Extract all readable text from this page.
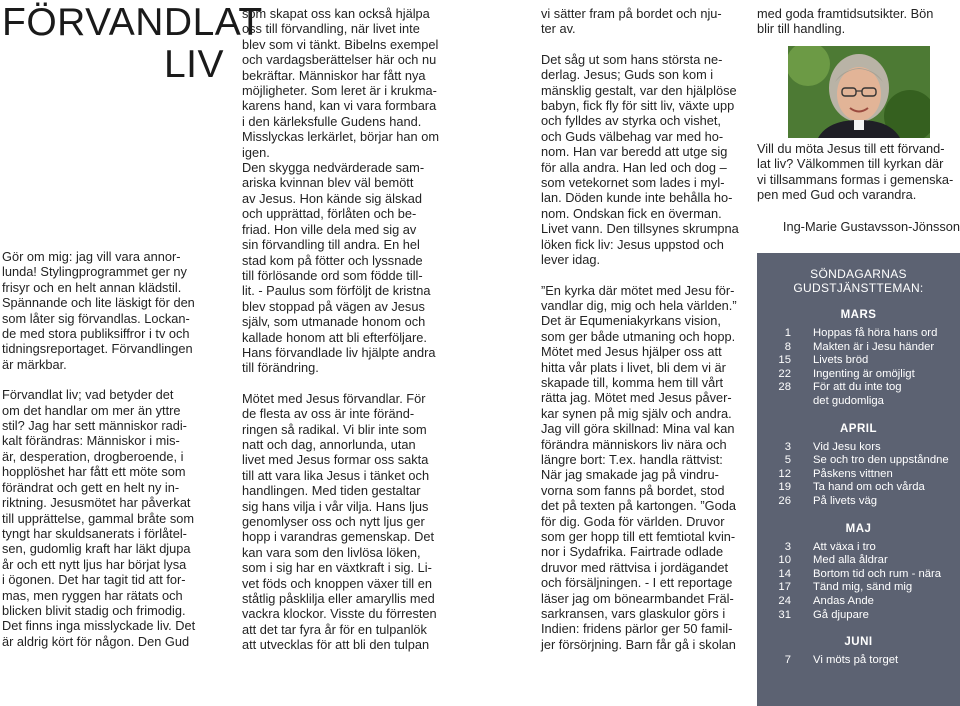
FÖRVANDLAT
LIV

Gör om mig: jag vill vara annor-
lunda! Stylingprogrammet ger ny
frisyr och en helt annan klädstil.
Spännande och lite läskigt för den
som låter sig förvandlas. Lockan-
de med stora publiksiffror i tv och
tidningsreportaget. Förvandlingen
är märkbar.

Förvandlat liv; vad betyder det
om det handlar om mer än yttre
stil? Jag har sett människor radi-
kalt förändras: Människor i mis-
är, desperation, drogberoende, i
hopplöshet har fått ett möte som
förändrat och gett en helt ny in-
riktning. Jesusmötet har påverkat
till upprättelse, gammal bråte som
tyngt har skuldsanerats i förlåtel-
sen, gudomlig kraft har läkt djupa
år och ett nytt ljus har börjat lysa
i ögonen. Det har tagit tid att for-
mas, men ryggen har rätats och
blicken blivit stadig och frimodig.
Det finns inga misslyckade liv. Det
är aldrig kört för någon. Den Gud

som skapat oss kan också hjälpa
oss till förvandling, när livet inte
blev som vi tänkt. Bibelns exempel
och vardagsberättelser här och nu
bekräftar. Människor har fått nya
möjligheter. Som leret är i krukma-
karens hand, kan vi vara formbara
i den kärleksfulle Gudens hand.
Misslyckas lerkärlet, börjar han om
igen.
Den skygga nedvärderade sam-
ariska kvinnan blev väl bemött
av Jesus. Hon kände sig älskad
och upprättad, förlåten och be-
friad. Hon ville dela med sig av
sin förvandling till andra. En hel
stad kom på fötter och lyssnade
till förlösande ord som födde till-
lit. - Paulus som förföljt de kristna
blev stoppad på vägen av Jesus
själv, som utmanade honom och
kallade honom att bli efterföljare.
Hans förvandlade liv hjälpte andra
till förändring.

Mötet med Jesus förvandlar. För
de flesta av oss är inte föränd-
ringen så radikal. Vi blir inte som
natt och dag, annorlunda, utan
livet med Jesus formar oss sakta
till att vara lika Jesus i tänket och
handlingen. Med tiden gestaltar
sig hans vilja i vår vilja. Hans ljus
genomlyser oss och nytt ljus ger
hopp i varandras gemenskap. Det
kan vara som den livlösa löken,
som i sig har en växtkraft i sig. Li-
vet föds och knoppen växer till en
ståtlig påsklilja eller amaryllis med
vackra klockor. Visste du förresten
att det tar fyra år för en tulpanlök
att utvecklas för att bli den tulpan

vi sätter fram på bordet och nju-
ter av.

Det såg ut som hans största ne-
derlag. Jesus; Guds son kom i
mänsklig gestalt, var den hjälplöse
babyn, fick fly för sitt liv, växte upp
och fylldes av styrka och vishet,
och Guds välbehag var med ho-
nom. Han var beredd att utge sig
för alla andra. Han led och dog –
som vetekornet som lades i myl-
lan. Döden kunde inte behålla ho-
nom. Ondskan fick en överman.
Livet vann. Den tillsynes skrumpna
löken fick liv: Jesus uppstod och
lever idag.

”En kyrka där mötet med Jesu för-
vandlar dig, mig och hela världen.”
Det är Equmeniakyrkans vision,
som ger både utmaning och hopp.
Mötet med Jesus hjälper oss att
hitta vår plats i livet, bli dem vi är
skapade till, komma hem till vårt
rätta jag. Mötet med Jesus påver-
kar synen på mig själv och andra.
Jag vill göra skillnad: Mina val kan
förändra människors liv nära och
längre bort: T.ex. handla rättvist:
När jag smakade jag på vindru-
vorna som fanns på bordet, stod
det på texten på kartongen. ”Goda
för dig. Goda för världen. Druvor
som ger hopp till ett femtiotal kvin-
nor i Sydafrika. Fairtrade odlade
druvor med rättvisa i jordägandet
och försäljningen. - I ett reportage
läser jag om bönearmbandet Fräl-
sarkransen, vars glaskulor görs i
Indien: fridens pärlor ger 50 famil-
jer försörjning. Barn får gå i skolan

med goda framtidsutsikter. Bön
blir till handling.

Vill du möta Jesus till ett förvand-
lat liv? Välkommen till kyrkan där
vi tillsammans formas i gemenska-
pen med Gud och varandra.

Ing-Marie Gustavsson-Jönsson
SÖNDAGARNAS
GUDSTJÄNSTTEMAN:
MARS
1 Hoppas få höra hans ord
8 Makten är i Jesu händer
15 Livets bröd
22 Ingenting är omöjligt
28 För att du inte tog
det gudomliga
APRIL
3 Vid Jesu kors
5 Se och tro den uppståndne
12 Påskens vittnen
19 Ta hand om och vårda
26 På livets väg
MAJ
3 Att växa i tro
10 Med alla åldrar
14 Bortom tid och rum - nära
17 Tänd mig, sänd mig
24 Andas Ande
31 Gå djupare
JUNI
7 Vi möts på torget
